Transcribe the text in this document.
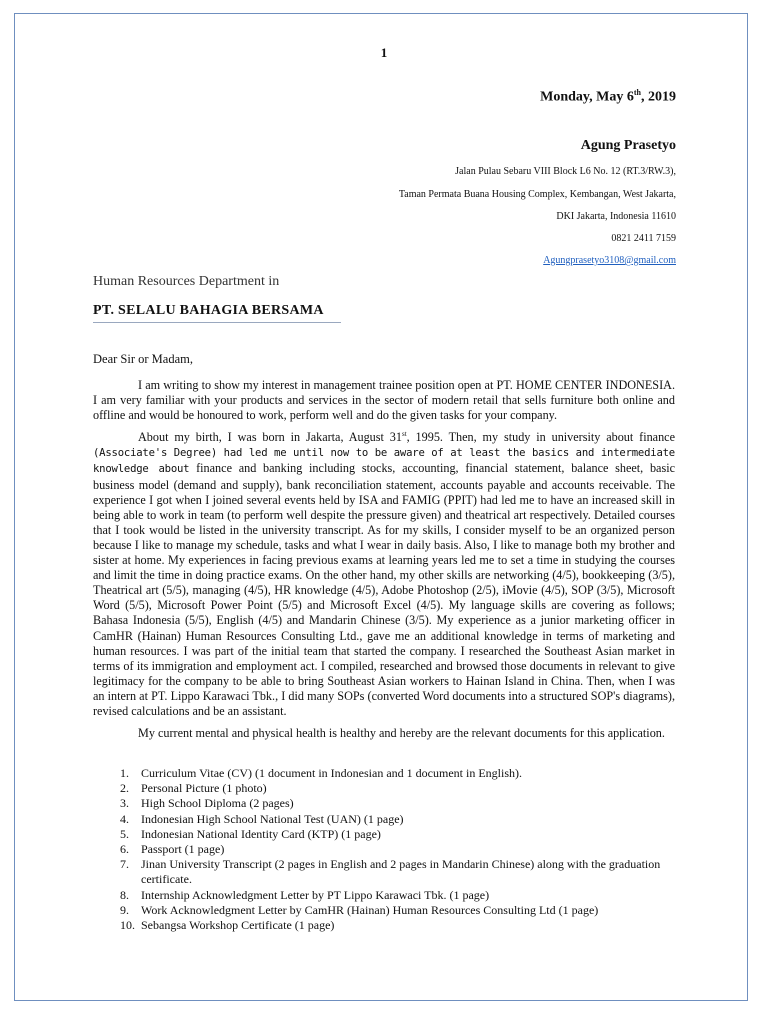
1
Monday, May 6th, 2019
Agung Prasetyo
Jalan Pulau Sebaru VIII Block L6 No. 12 (RT.3/RW.3),
Taman Permata Buana Housing Complex, Kembangan, West Jakarta,
DKI Jakarta, Indonesia 11610
0821 2411 7159
Agungprasetyo3108@gmail.com
Human Resources Department in
PT. SELALU BAHAGIA BERSAMA
Dear Sir or Madam,

I am writing to show my interest in management trainee position open at PT. HOME CENTER INDONESIA. I am very familiar with your products and services in the sector of modern retail that sells furniture both online and offline and would be honoured to work, perform well and do the given tasks for your company.

About my birth, I was born in Jakarta, August 31st, 1995. Then, my study in university about finance (Associate's Degree) had led me until now to be aware of at least the basics and intermediate knowledge about finance and banking including stocks, accounting, financial statement, balance sheet, basic business model (demand and supply), bank reconciliation statement, accounts payable and accounts receivable. The experience I got when I joined several events held by ISA and FAMIG (PPIT) had led me to have an increased skill in being able to work in team (to perform well despite the pressure given) and theatrical art respectively. Detailed courses that I took would be listed in the university transcript. As for my skills, I consider myself to be an organized person because I like to manage my schedule, tasks and what I wear in daily basis. Also, I like to manage both my brother and sister at home. My experiences in facing previous exams at learning years led me to set a time in studying the courses and limit the time in doing practice exams. On the other hand, my other skills are networking (4/5), bookkeeping (3/5), Theatrical art (5/5), managing (4/5), HR knowledge (4/5), Adobe Photoshop (2/5), iMovie (4/5), SOP (3/5), Microsoft Word (5/5), Microsoft Power Point (5/5) and Microsoft Excel (4/5). My language skills are covering as follows; Bahasa Indonesia (5/5), English (4/5) and Mandarin Chinese (3/5). My experience as a junior marketing officer in CamHR (Hainan) Human Resources Consulting Ltd., gave me an additional knowledge in terms of marketing and human resources. I was part of the initial team that started the company. I researched the Southeast Asian market in terms of its immigration and employment act. I compiled, researched and browsed those documents in relevant to give legitimacy for the company to be able to bring Southeast Asian workers to Hainan Island in China. Then, when I was an intern at PT. Lippo Karawaci Tbk., I did many SOPs (converted Word documents into a structured SOP's diagrams), revised calculations and be an assistant.

My current mental and physical health is healthy and hereby are the relevant documents for this application.

1.	Curriculum Vitae (CV) (1 document in Indonesian and 1 document in English).
2.	Personal Picture (1 photo)
3.	High School Diploma (2 pages)
4.	Indonesian High School National Test (UAN) (1 page)
5.	Indonesian National Identity Card (KTP) (1 page)
6.	Passport (1 page)
7.	Jinan University Transcript (2 pages in English and 2 pages in Mandarin Chinese) along with the graduation certificate.
8.	Internship Acknowledgment Letter by PT Lippo Karawaci Tbk. (1 page)
9.	Work Acknowledgment Letter by CamHR (Hainan) Human Resources Consulting Ltd (1 page)
10. Sebangsa Workshop Certificate (1 page)
